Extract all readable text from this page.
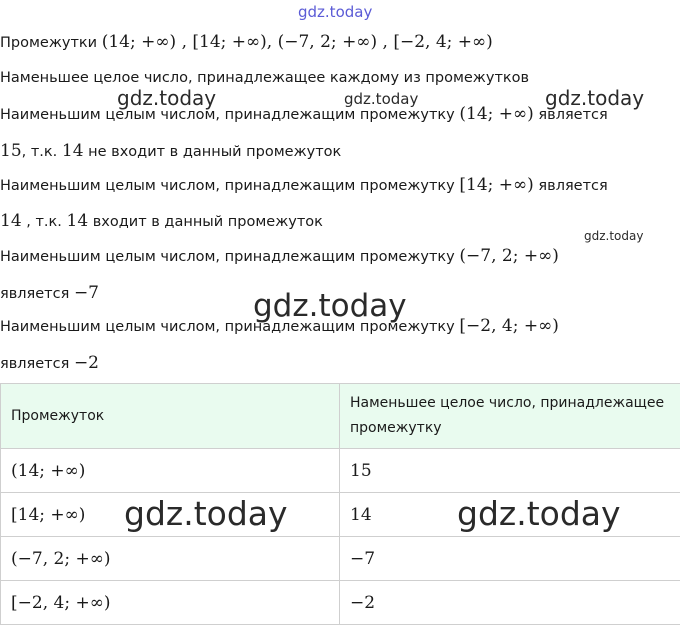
gdz.today
gdz.today	gdz.today	gdz.today
gdz.today
gdz.today
Промежутки (14; +∞) , [14; +∞), (−7, 2; +∞) , [−2, 4; +∞)
Наменьшее целое число, принадлежащее каждому из промежутков
Наименьшим целым числом, принадлежащим промежутку (14; +∞) является
15, т.к. 14 не входит в данный промежуток
Наименьшим целым числом, принадлежащим промежутку [14; +∞) является
14 , т.к. 14 входит в данный промежуток
Наименьшим целым числом, принадлежащим промежутку (−7, 2; +∞)
является −7
Наименьшим целым числом, принадлежащим промежутку [−2, 4; +∞)
является −2
Промежуток	Наменьшее целое число, принадлежащее промежутку
(14; +∞)	15
[14; +∞)	14
(−7, 2; +∞)	−7
[−2, 4; +∞)	−2
gdz.today	gdz.today
